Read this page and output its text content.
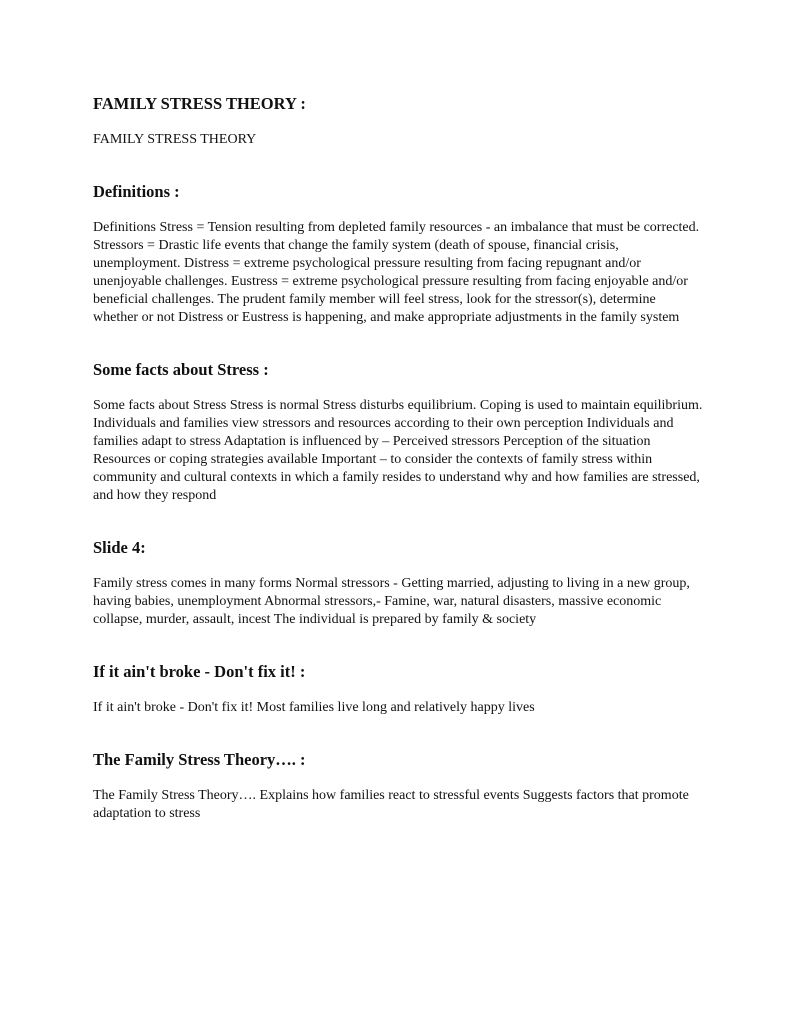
FAMILY STRESS THEORY :

FAMILY STRESS THEORY

Definitions :

Definitions Stress = Tension resulting from depleted family resources - an imbalance that must be corrected. Stressors = Drastic life events that change the family system (death of spouse, financial crisis, unemployment. Distress = extreme psychological pressure resulting from facing repugnant and/or unenjoyable challenges. Eustress = extreme psychological pressure resulting from facing enjoyable and/or beneficial challenges. The prudent family member will feel stress, look for the stressor(s), determine whether or not Distress or Eustress is happening, and make appropriate adjustments in the family system

Some facts about Stress :

Some facts about Stress Stress is normal Stress disturbs equilibrium. Coping is used to maintain equilibrium. Individuals and families view stressors and resources according to their own perception Individuals and families adapt to stress Adaptation is influenced by – Perceived stressors Perception of the situation Resources or coping strategies available Important – to consider the contexts of family stress within community and cultural contexts in which a family resides to understand why and how families are stressed, and how they respond

Slide 4:

Family stress comes in many forms Normal stressors - Getting married, adjusting to living in a new group, having babies, unemployment Abnormal stressors,- Famine, war, natural disasters, massive economic collapse, murder, assault, incest The individual is prepared by family & society

If it ain't broke - Don't fix it! :

If it ain't broke - Don't fix it! Most families live long and relatively happy lives

The Family Stress Theory…. :

The Family Stress Theory…. Explains how families react to stressful events Suggests factors that promote adaptation to stress
